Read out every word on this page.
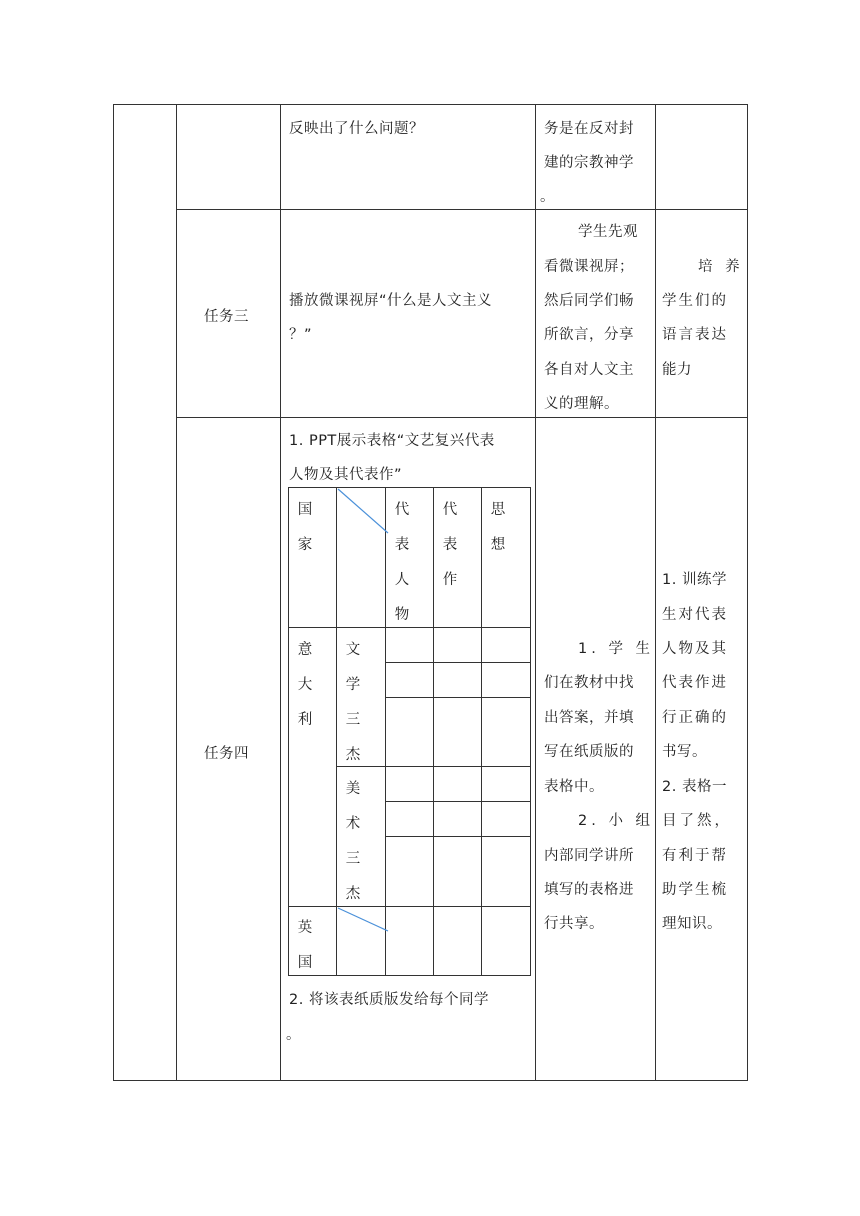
反映出了什么问题？	务是在反对封
建的宗教神学
。
任务三
播放微课视屏“什么是人文主义
？”
学生先观
看微课视屏；
然后同学们畅
所欲言，分享
各自对人文主
义的理解。
培 养
学生们的
语言表达
能力
任务四
1. PPT展示表格“文艺复兴代表
人物及其代表作”
2. 将该表纸质版发给每个同学
。
1. 学 生
们在教材中找
出答案，并填
写在纸质版的
表格中。
2. 小 组
内部同学讲所
填写的表格进
行共享。
1. 训练学
生对代表
人物及其
代表作进
行正确的
书写。
2. 表格一
目了然，
有利于帮
助学生梳
理知识。
国
家
代
表
人
物
代
表
作
思
想
意
大
利
文
学
三
杰
美
术
三
杰
英
国
